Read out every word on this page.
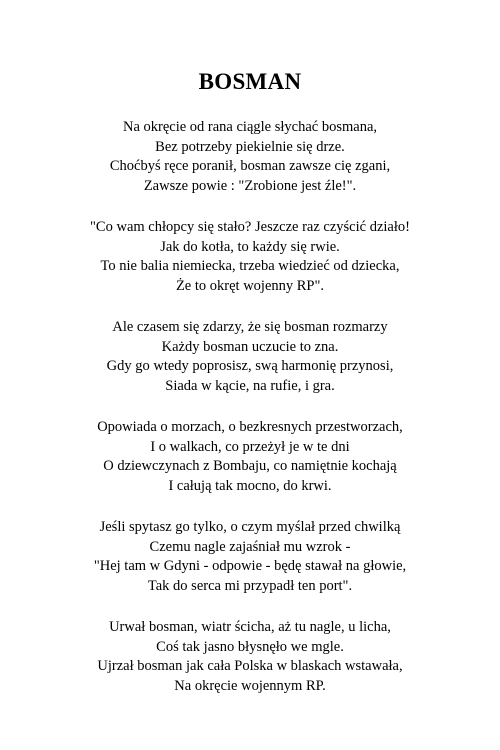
BOSMAN
Na okręcie od rana ciągle słychać bosmana,
Bez potrzeby piekielnie się drze.
Choćbyś ręce poranił, bosman zawsze cię zgani,
Zawsze powie : "Zrobione jest źle!".
"Co wam chłopcy się stało? Jeszcze raz czyścić działo!
Jak do kotła, to każdy się rwie.
To nie balia niemiecka, trzeba wiedzieć od dziecka,
Że to okręt wojenny RP".
Ale czasem się zdarzy, że się bosman rozmarzy
Każdy bosman uczucie to zna.
Gdy go wtedy poprosisz, swą harmonię przynosi,
Siada w kącie, na rufie, i gra.
Opowiada o morzach, o bezkresnych przestworzach,
I o walkach, co przeżył je w te dni
O dziewczynach z Bombaju, co namiętnie kochają
I całują tak mocno, do krwi.
Jeśli spytasz go tylko, o czym myślał przed chwilką
Czemu nagle zajaśniał mu wzrok -
"Hej tam w Gdyni - odpowie - będę stawał na głowie,
Tak do serca mi przypadł ten port".
Urwał bosman, wiatr ścicha, aż tu nagle, u licha,
Coś tak jasno błysnęło we mgle.
Ujrzał bosman jak cała Polska w blaskach wstawała,
Na okręcie wojennym RP.
